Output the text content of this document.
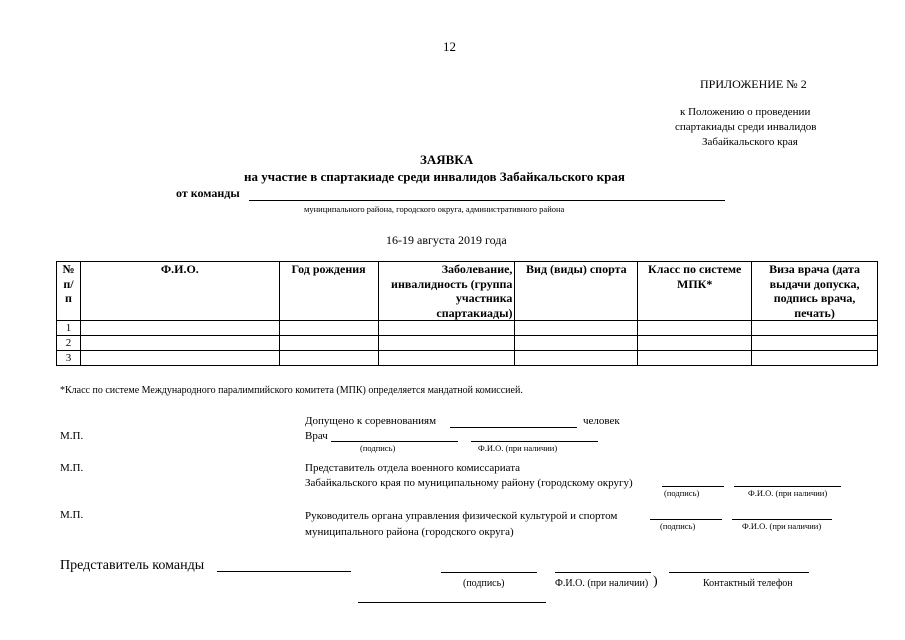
12
ПРИЛОЖЕНИЕ № 2
к Положению о проведении
спартакиады среди инвалидов
Забайкальского края
ЗАЯВКА
на участие в спартакиаде среди инвалидов Забайкальского края
от команды
муниципального района, городского округа, административного района
16-19 августа 2019 года
№ п/ п	Ф.И.О.	Год рождения	Заболевание, инвалидность (группа участника спартакиады)	Вид (виды) спорта	Класс по системе МПК*	Виза врача (дата выдачи допуска, подпись врача, печать)
1						
2						
3						
*Класс по системе Международного паралимпийского комитета (МПК) определяется мандатной комиссией.
Допущено к соревнованиям	человек
М.П.	Врач
(подпись)	Ф.И.О. (при наличии)
М.П.	Представитель отдела военного комиссариата
Забайкальского края по муниципальному району (городскому округу)
(подпись)	Ф.И.О. (при наличии)
М.П.	Руководитель органа управления физической культурой и спортом
муниципального района (городского округа)	(подпись)	Ф.И.О. (при наличии)
Представитель команды
(подпись)	Ф.И.О. (при наличии) )	Контактный телефон
